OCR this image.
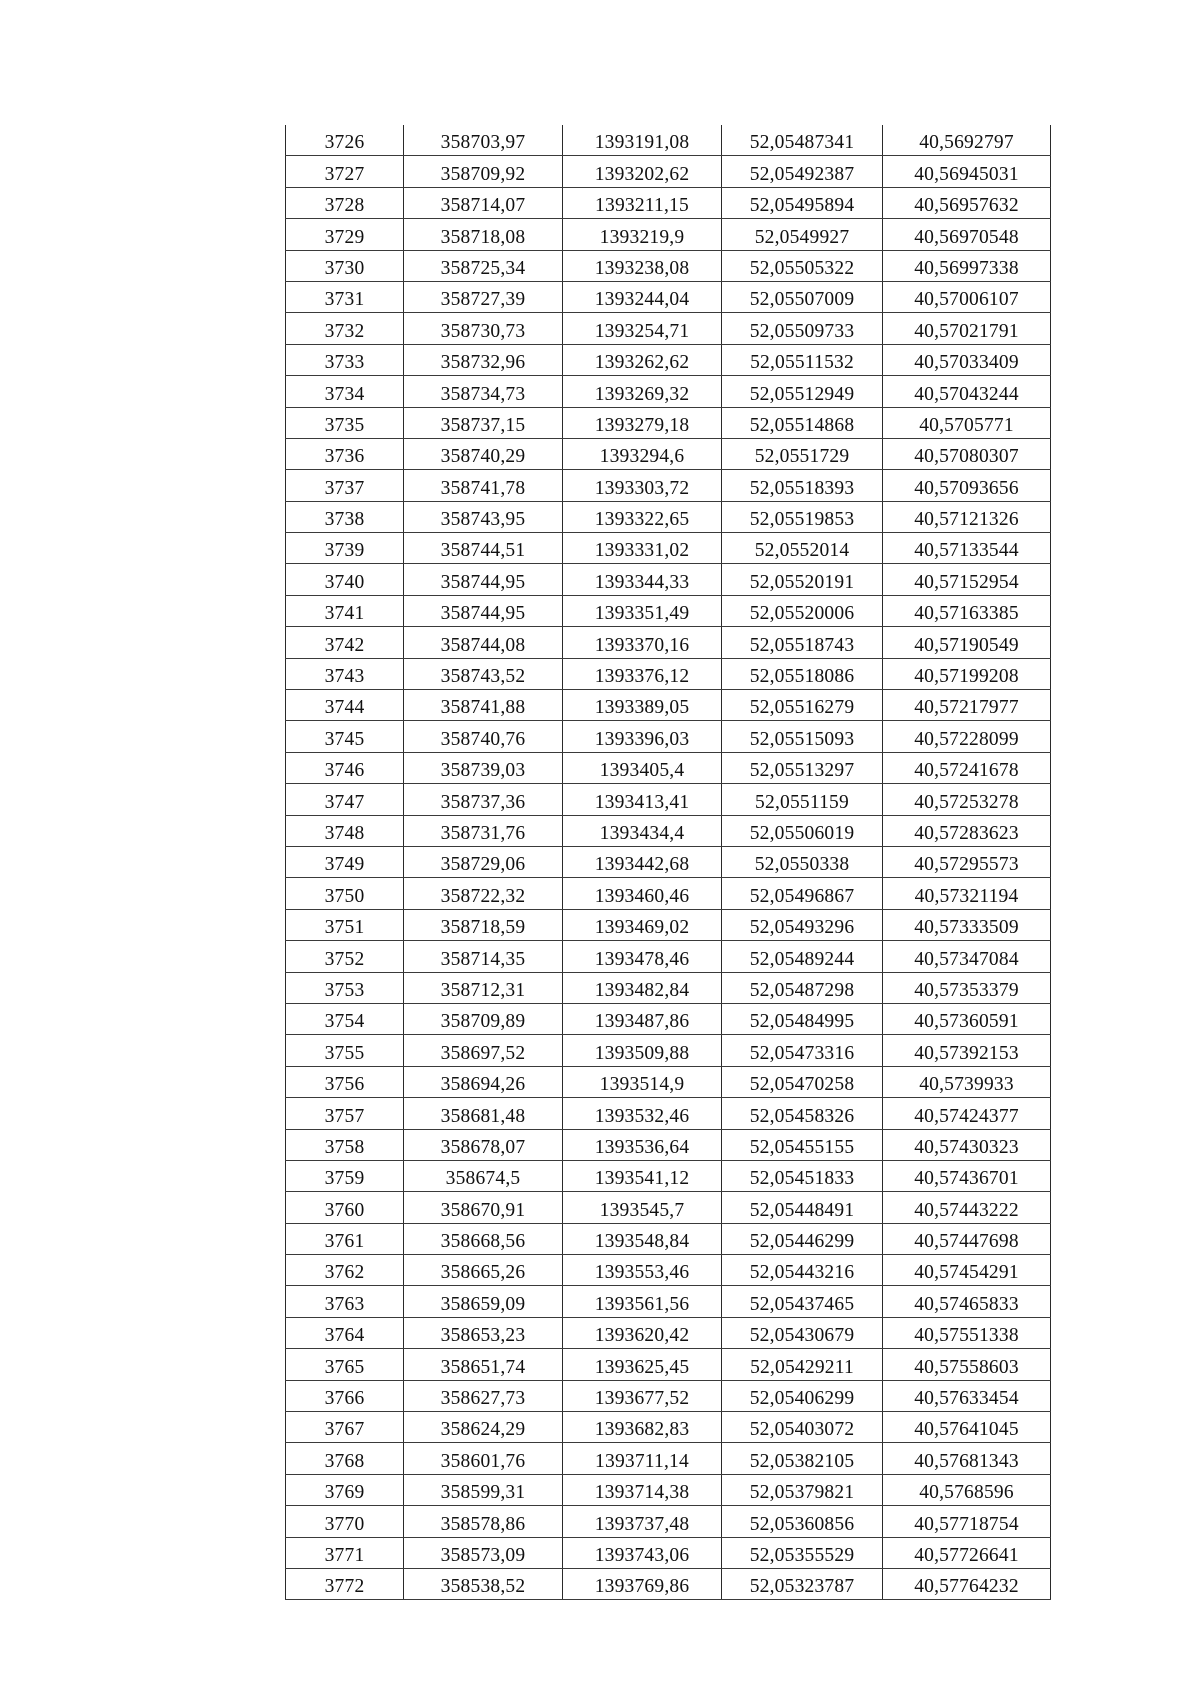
3726	358703,97	1393191,08	52,05487341	40,5692797
3727	358709,92	1393202,62	52,05492387	40,56945031
3728	358714,07	1393211,15	52,05495894	40,56957632
3729	358718,08	1393219,9	52,0549927	40,56970548
3730	358725,34	1393238,08	52,05505322	40,56997338
3731	358727,39	1393244,04	52,05507009	40,57006107
3732	358730,73	1393254,71	52,05509733	40,57021791
3733	358732,96	1393262,62	52,05511532	40,57033409
3734	358734,73	1393269,32	52,05512949	40,57043244
3735	358737,15	1393279,18	52,05514868	40,5705771
3736	358740,29	1393294,6	52,0551729	40,57080307
3737	358741,78	1393303,72	52,05518393	40,57093656
3738	358743,95	1393322,65	52,05519853	40,57121326
3739	358744,51	1393331,02	52,0552014	40,57133544
3740	358744,95	1393344,33	52,05520191	40,57152954
3741	358744,95	1393351,49	52,05520006	40,57163385
3742	358744,08	1393370,16	52,05518743	40,57190549
3743	358743,52	1393376,12	52,05518086	40,57199208
3744	358741,88	1393389,05	52,05516279	40,57217977
3745	358740,76	1393396,03	52,05515093	40,57228099
3746	358739,03	1393405,4	52,05513297	40,57241678
3747	358737,36	1393413,41	52,0551159	40,57253278
3748	358731,76	1393434,4	52,05506019	40,57283623
3749	358729,06	1393442,68	52,0550338	40,57295573
3750	358722,32	1393460,46	52,05496867	40,57321194
3751	358718,59	1393469,02	52,05493296	40,57333509
3752	358714,35	1393478,46	52,05489244	40,57347084
3753	358712,31	1393482,84	52,05487298	40,57353379
3754	358709,89	1393487,86	52,05484995	40,57360591
3755	358697,52	1393509,88	52,05473316	40,57392153
3756	358694,26	1393514,9	52,05470258	40,5739933
3757	358681,48	1393532,46	52,05458326	40,57424377
3758	358678,07	1393536,64	52,05455155	40,57430323
3759	358674,5	1393541,12	52,05451833	40,57436701
3760	358670,91	1393545,7	52,05448491	40,57443222
3761	358668,56	1393548,84	52,05446299	40,57447698
3762	358665,26	1393553,46	52,05443216	40,57454291
3763	358659,09	1393561,56	52,05437465	40,57465833
3764	358653,23	1393620,42	52,05430679	40,57551338
3765	358651,74	1393625,45	52,05429211	40,57558603
3766	358627,73	1393677,52	52,05406299	40,57633454
3767	358624,29	1393682,83	52,05403072	40,57641045
3768	358601,76	1393711,14	52,05382105	40,57681343
3769	358599,31	1393714,38	52,05379821	40,5768596
3770	358578,86	1393737,48	52,05360856	40,57718754
3771	358573,09	1393743,06	52,05355529	40,57726641
3772	358538,52	1393769,86	52,05323787	40,57764232
